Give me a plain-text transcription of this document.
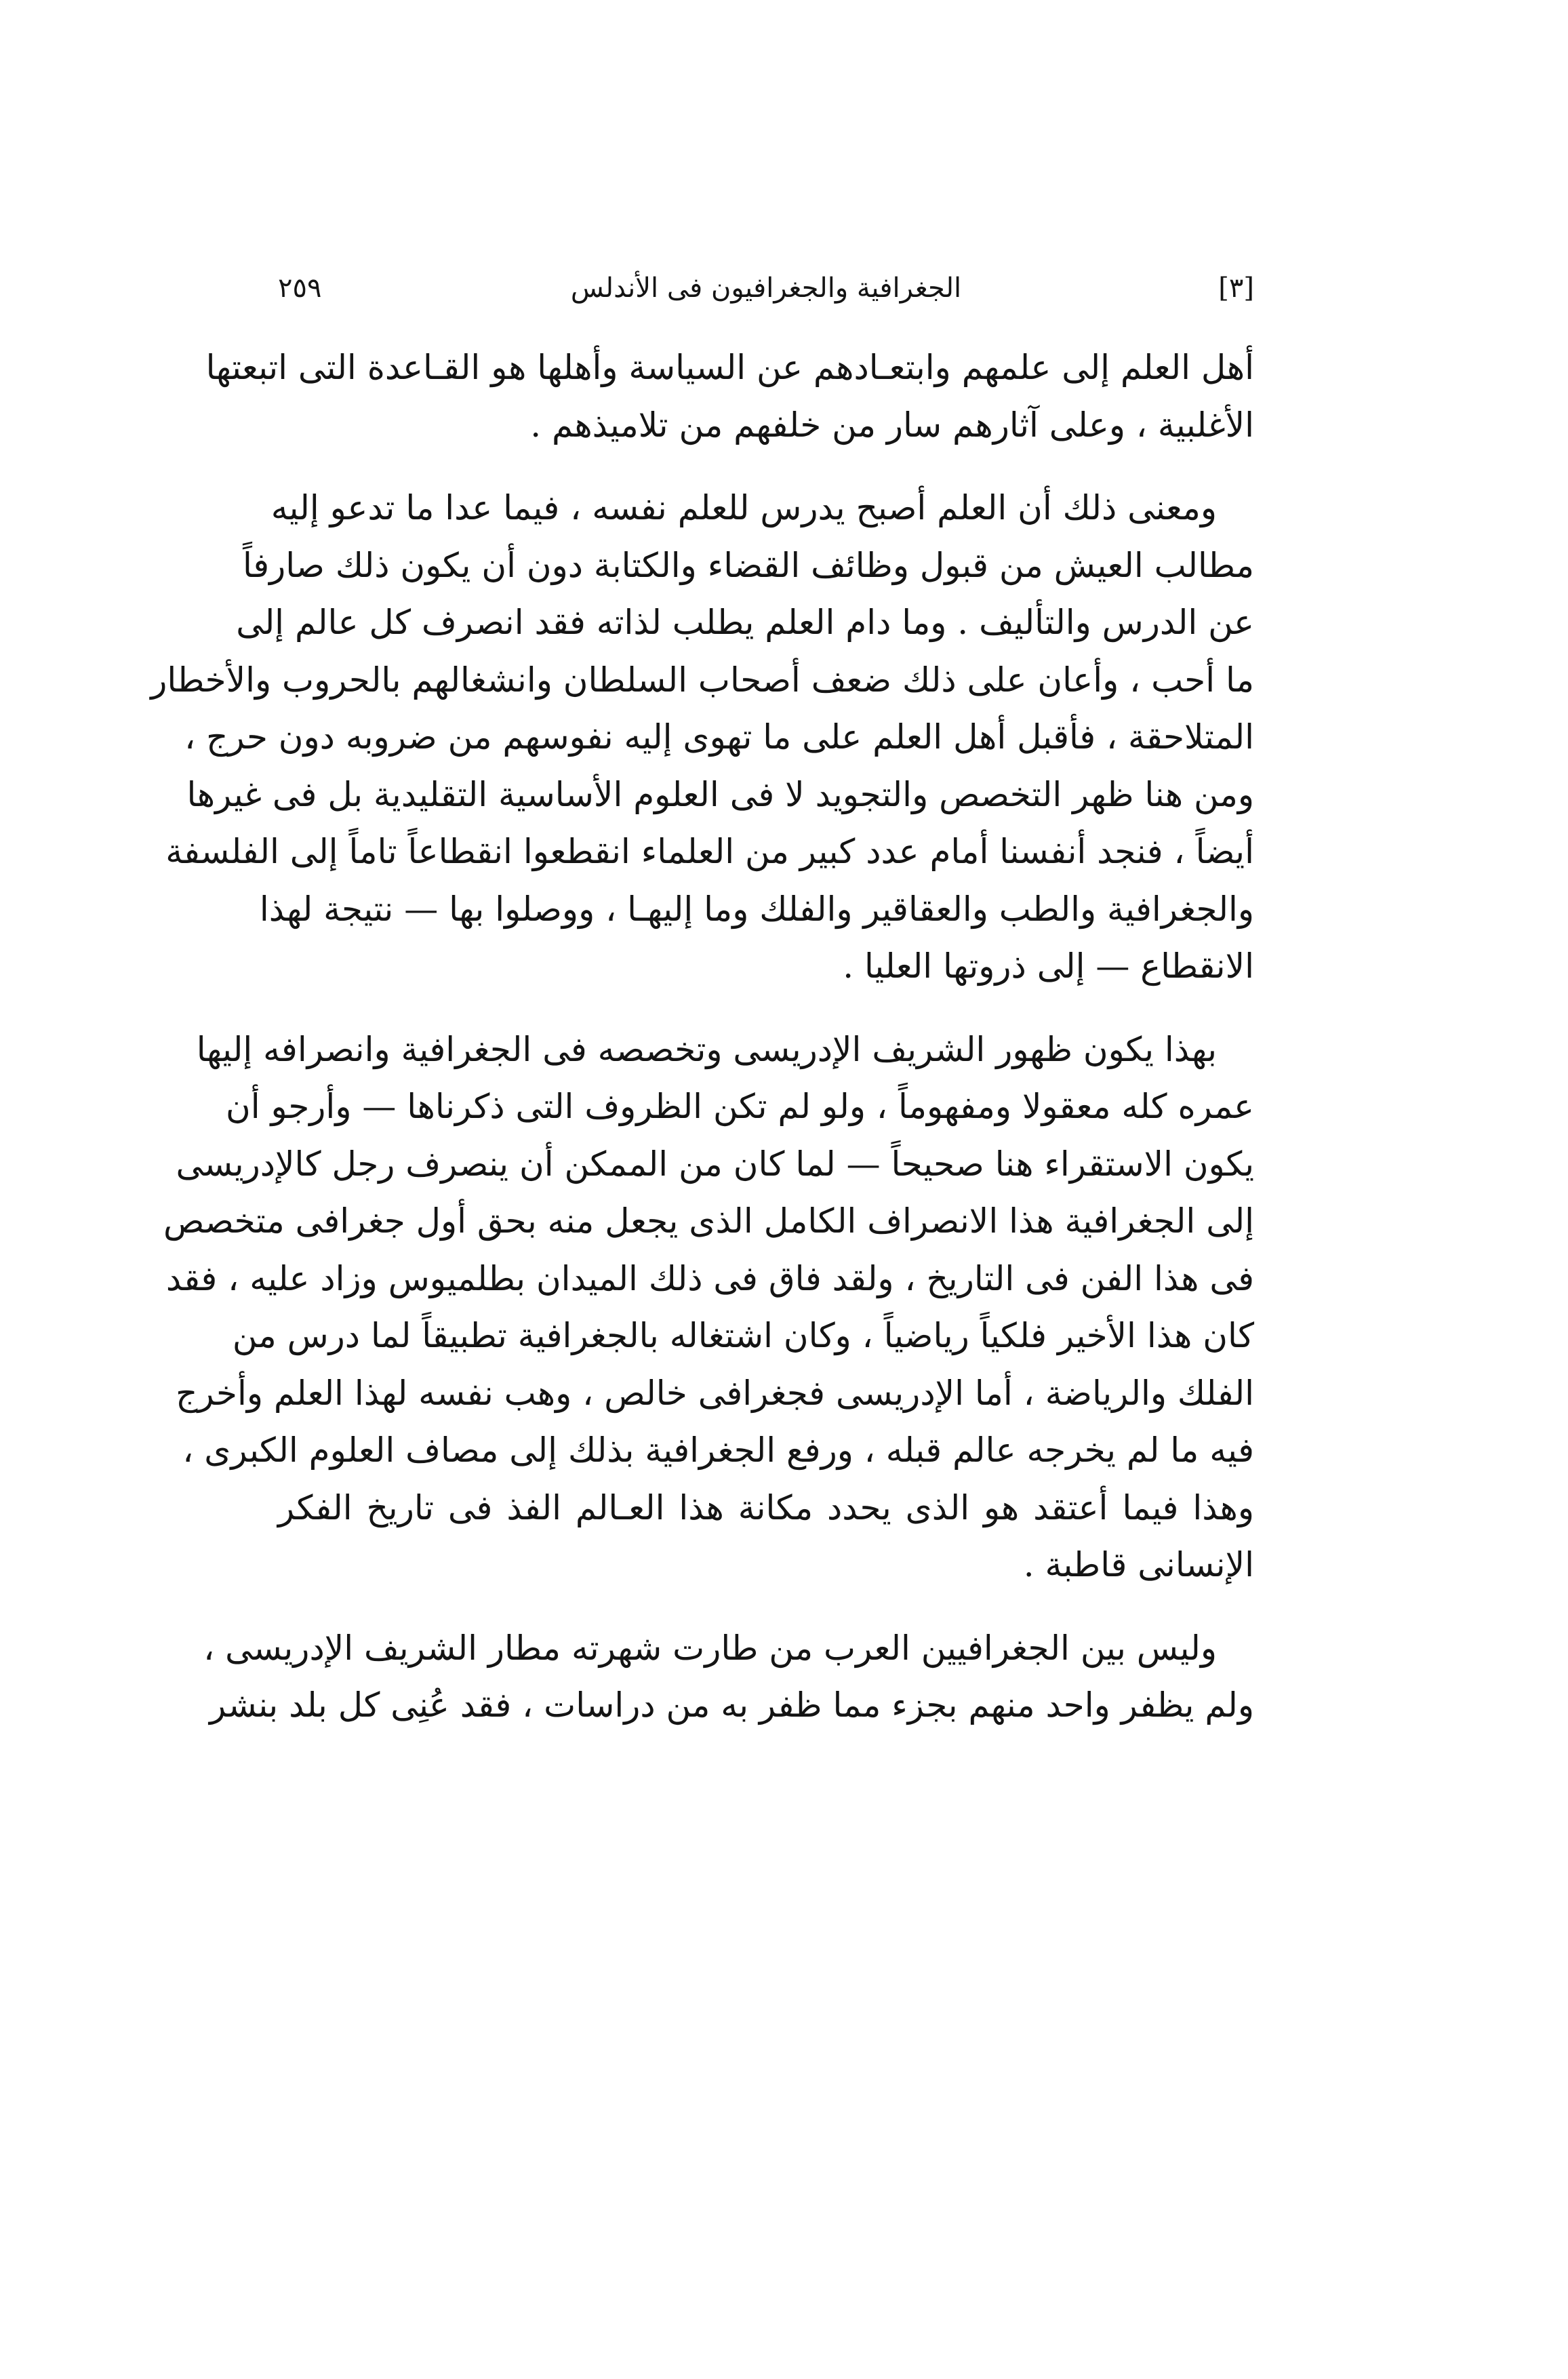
٢٥٩	الجغرافية والجغرافيون فى الأندلس	[٣]
أهل العلم إلى علمهم وابتعـادهم عن السياسة وأهلها هو القـاعدة التى اتبعتها
الأغلبية ، وعلى آثارهم سار من خلفهم من تلاميذهم .
ومعنى ذلك أن العلم أصبح يدرس للعلم نفسه ، فيما عدا ما تدعو إليه
مطالب العيش من قبول وظائف القضاء والكتابة دون أن يكون ذلك صارفاً
عن الدرس والتأليف . وما دام العلم يطلب لذاته فقد انصرف كل عالم إلى
ما أحب ، وأعان على ذلك ضعف أصحاب السلطان وانشغالهم بالحروب والأخطار
المتلاحقة ، فأقبل أهل العلم على ما تهوى إليه نفوسهم من ضروبه دون حرج ،
ومن هنا ظهر التخصص والتجويد لا فى العلوم الأساسية التقليدية بل فى غيرها
أيضاً ، فنجد أنفسنا أمام عدد كبير من العلماء انقطعوا انقطاعاً تاماً إلى الفلسفة
والجغرافية والطب والعقاقير والفلك وما إليهـا ، ووصلوا بها — نتيجة لهذا
الانقطاع — إلى ذروتها العليا .
بهذا يكون ظهور الشريف الإدريسى وتخصصه فى الجغرافية وانصرافه إليها
عمره كله معقولا ومفهوماً ، ولو لم تكن الظروف التى ذكرناها — وأرجو أن
يكون الاستقراء هنا صحيحاً — لما كان من الممكن أن ينصرف رجل كالإدريسى
إلى الجغرافية هذا الانصراف الكامل الذى يجعل منه بحق أول جغرافى متخصص
فى هذا الفن فى التاريخ ، ولقد فاق فى ذلك الميدان بطلميوس وزاد عليه ، فقد
كان هذا الأخير فلكياً رياضياً ، وكان اشتغاله بالجغرافية تطبيقاً لما درس من
الفلك والرياضة ، أما الإدريسى فجغرافى خالص ، وهب نفسه لهذا العلم وأخرج
فيه ما لم يخرجه عالم قبله ، ورفع الجغرافية بذلك إلى مصاف العلوم الكبرى ،
وهذا فيما أعتقد هو الذى يحدد مكانة هذا العـالم الفذ فى تاريخ الفكر
الإنسانى قاطبة .
وليس بين الجغرافيين العرب من طارت شهرته مطار الشريف الإدريسى ،
ولم يظفر واحد منهم بجزء مما ظفر به من دراسات ، فقد عُنِى كل بلد بنشر
